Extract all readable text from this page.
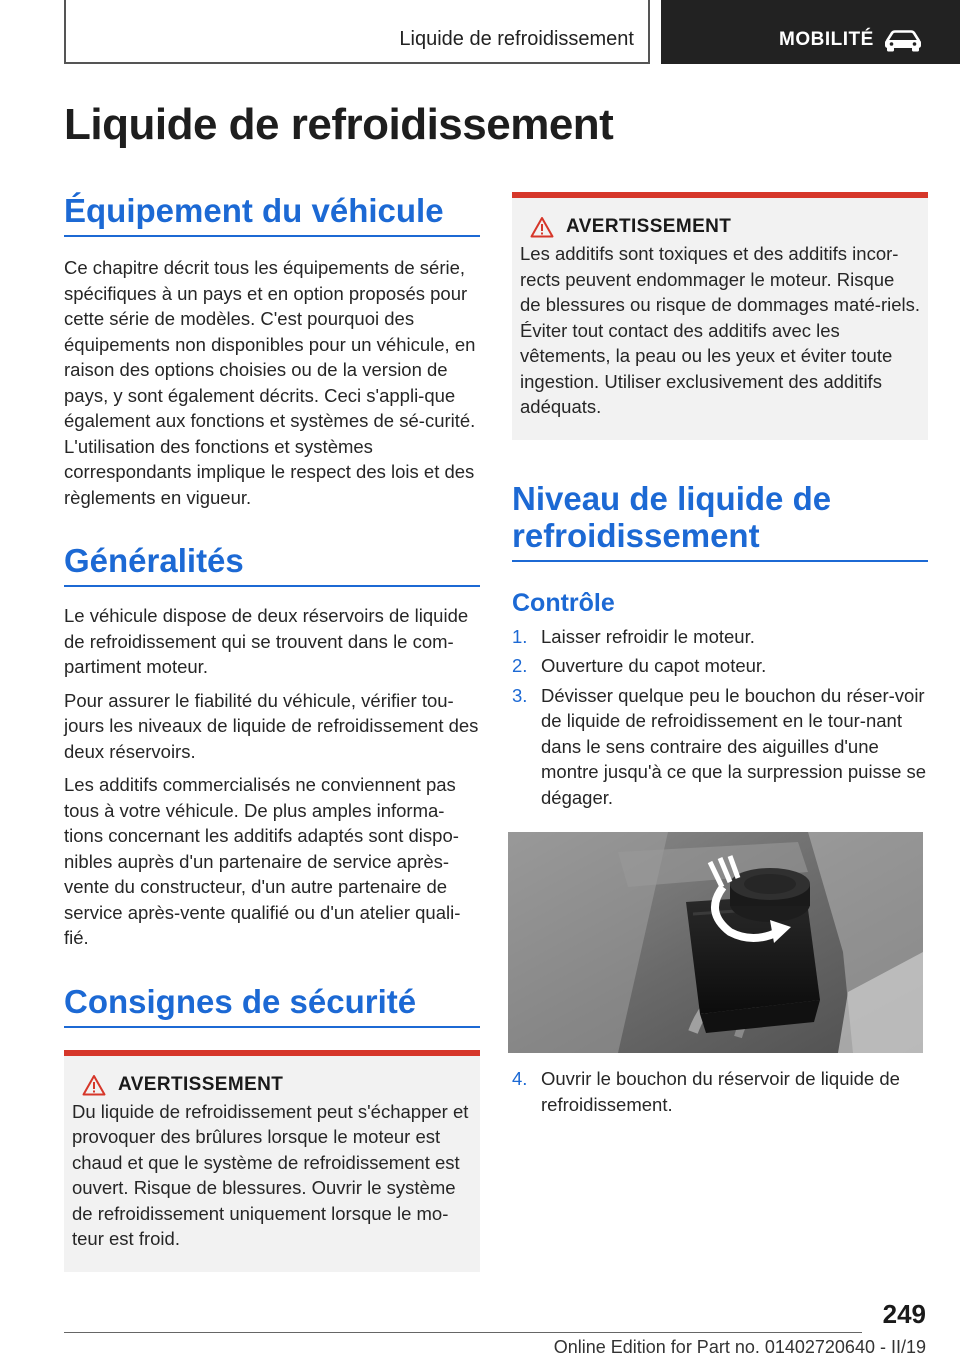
Liquide de refroidissement	MOBILITÉ
Liquide de refroidissement
Équipement du véhicule

Ce chapitre décrit tous les équipements de série, spécifiques à un pays et en option proposés pour cette série de modèles. C'est pourquoi des équipements non disponibles pour un véhicule, en raison des options choisies ou de la version de pays, y sont également décrits. Ceci s'appli-que également aux fonctions et systèmes de sé-curité. L'utilisation des fonctions et systèmes correspondants implique le respect des lois et des règlements en vigueur.

Généralités

Le véhicule dispose de deux réservoirs de liquide de refroidissement qui se trouvent dans le com-partiment moteur.

Pour assurer le fiabilité du véhicule, vérifier tou-jours les niveaux de liquide de refroidissement des deux réservoirs.

Les additifs commercialisés ne conviennent pas tous à votre véhicule. De plus amples informa-tions concernant les additifs adaptés sont dispo-nibles auprès d'un partenaire de service après-vente du constructeur, d'un autre partenaire de service après-vente qualifié ou d'un atelier quali-fié.

Consignes de sécurité
AVERTISSEMENT

Du liquide de refroidissement peut s'échapper et provoquer des brûlures lorsque le moteur est chaud et que le système de refroidissement est ouvert. Risque de blessures. Ouvrir le système de refroidissement uniquement lorsque le mo-teur est froid.

AVERTISSEMENT

Les additifs sont toxiques et des additifs incor-rects peuvent endommager le moteur. Risque de blessures ou risque de dommages maté-riels. Éviter tout contact des additifs avec les vêtements, la peau ou les yeux et éviter toute ingestion. Utiliser exclusivement des additifs adéquats.

Niveau de liquide de refroidissement
Contrôle
1. Laisser refroidir le moteur.
2. Ouverture du capot moteur.
3. Dévisser quelque peu le bouchon du réser-voir de liquide de refroidissement en le tour-nant dans le sens contraire des aiguilles d'une montre jusqu'à ce que la surpression puisse se dégager.
4. Ouvrir le bouchon du réservoir de liquide de refroidissement.
249
Online Edition for Part no. 01402720640 - II/19
